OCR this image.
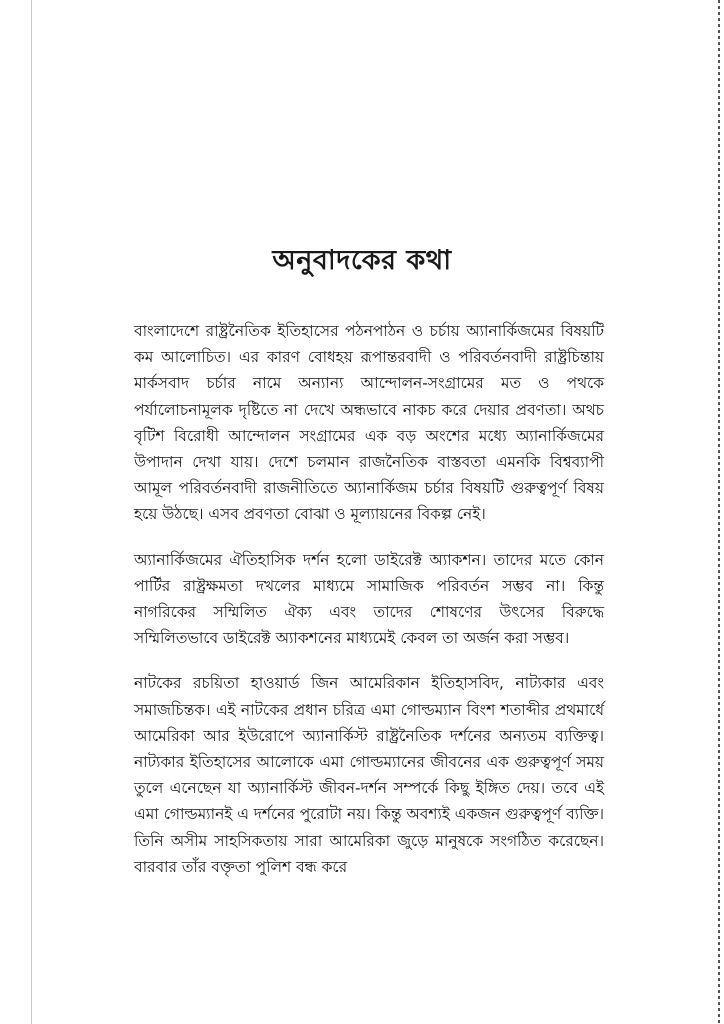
অনুবাদকের কথা

বাংলাদেশে রাষ্ট্রনৈতিক ইতিহাসের পঠনপাঠন ও চর্চায় অ্যানার্কিজমের বিষয়টি কম আলোচিত। এর কারণ বোধহয় রূপান্তরবাদী ও পরিবর্তনবাদী রাষ্ট্রচিন্তায় মার্কসবাদ চর্চার নামে অন্যান্য আন্দোলন-সংগ্রামের মত ও পথকে পর্যালোচনামূলক দৃষ্টিতে না দেখে অন্ধভাবে নাকচ করে দেয়ার প্রবণতা। অথচ বৃটিশ বিরোধী আন্দোলন সংগ্রামের এক বড় অংশের মধ্যে অ্যানার্কিজমের উপাদান দেখা যায়। দেশে চলমান রাজনৈতিক বাস্তবতা এমনকি বিশ্বব্যাপী আমূল পরিবর্তনবাদী রাজনীতিতে অ্যানার্কিজম চর্চার বিষয়টি গুরুত্বপূর্ণ বিষয় হয়ে উঠছে। এসব প্রবণতা বোঝা ও মূল্যায়নের বিকল্প নেই।

অ্যানার্কিজমের ঐতিহাসিক দর্শন হলো ডাইরেক্ট অ্যাকশন। তাদের মতে কোন পার্টির রাষ্ট্রক্ষমতা দখলের মাধ্যমে সামাজিক পরিবর্তন সম্ভব না। কিন্তু নাগরিকের সম্মিলিত ঐক্য এবং তাদের শোষণের উৎসের বিরুদ্ধে সম্মিলিতভাবে ডাইরেক্ট অ্যাকশনের মাধ্যমেই কেবল তা অর্জন করা সম্ভব।

নাটকের রচয়িতা হাওয়ার্ড জিন আমেরিকান ইতিহাসবিদ, নাট্যকার এবং সমাজচিন্তক। এই নাটকের প্রধান চরিত্র এমা গোল্ডম্যান বিংশ শতাব্দীর প্রথমার্ধে আমেরিকা আর ইউরোপে অ্যানার্কিস্ট রাষ্ট্রনৈতিক দর্শনের অন্যতম ব্যক্তিত্ব। নাট্যকার ইতিহাসের আলোকে এমা গোল্ডম্যানের জীবনের এক গুরুত্বপূর্ণ সময় তুলে এনেছেন যা অ্যানার্কিস্ট জীবন-দর্শন সম্পর্কে কিছু ইঙ্গিত দেয়। তবে এই এমা গোল্ডম্যানই এ দর্শনের পুরোটা নয়। কিন্তু অবশ্যই একজন গুরুত্বপূর্ণ ব্যক্তি। তিনি অসীম সাহসিকতায় সারা আমেরিকা জুড়ে মানুষকে সংগঠিত করেছেন। বারবার তাঁর বক্তৃতা পুলিশ বন্ধ করে
